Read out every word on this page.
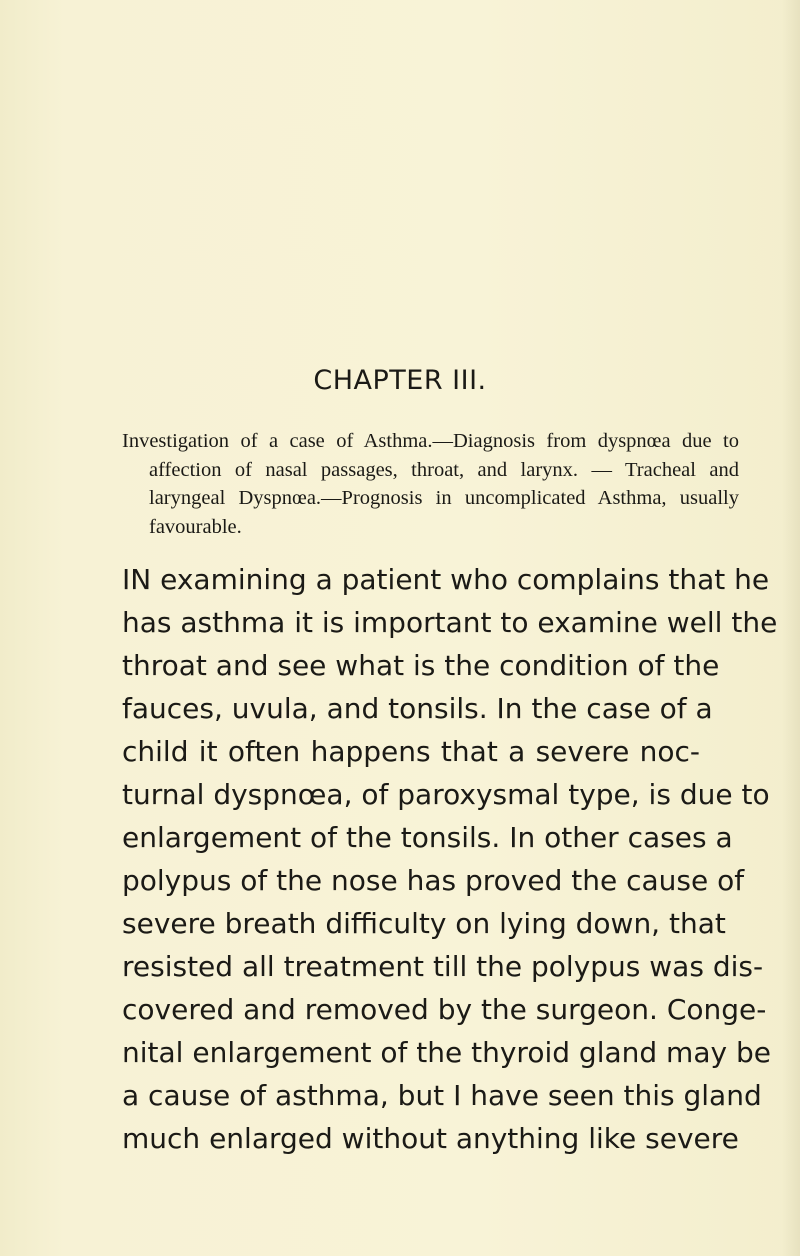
CHAPTER III.

Investigation of a case of Asthma.—Diagnosis from dyspnœa due to affection of nasal passages, throat, and larynx. — Tracheal and laryngeal Dyspnœa.—Prognosis in uncomplicated Asthma, usually favourable.

IN examining a patient who complains that he
has asthma it is important to examine well the
throat and see what is the condition of the
fauces, uvula, and tonsils. In the case of a
child it often happens that a severe noc-
turnal dyspnœa, of paroxysmal type, is due to
enlargement of the tonsils. In other cases a
polypus of the nose has proved the cause of
severe breath difficulty on lying down, that
resisted all treatment till the polypus was dis-
covered and removed by the surgeon. Conge-
nital enlargement of the thyroid gland may be
a cause of asthma, but I have seen this gland
much enlarged without anything like severe
